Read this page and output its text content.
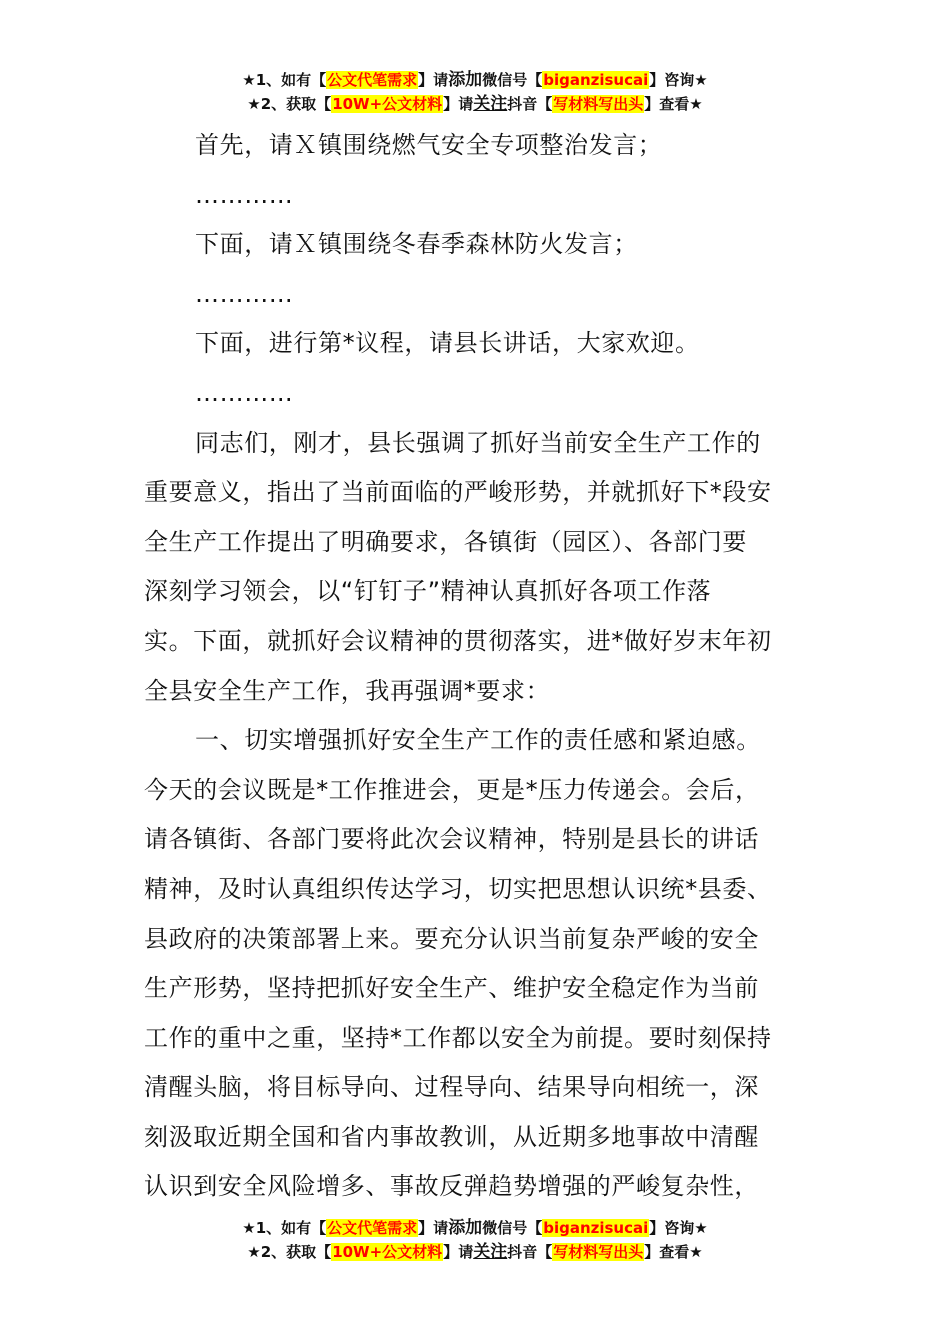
★1、如有【公文代笔需求】请添加微信号【biganzisucai】咨询★
★2、获取【10W+公文材料】请关注抖音【写材料写出头】查看★

首先，请Ｘ镇围绕燃气安全专项整治发言；

…………

下面，请Ｘ镇围绕冬春季森林防火发言；

…………

下面，进行第*议程，请县长讲话，大家欢迎。

…………

同志们，刚才，县长强调了抓好当前安全生产工作的

重要意义，指出了当前面临的严峻形势，并就抓好下*段安

全生产工作提出了明确要求，各镇街（园区）、各部门要

深刻学习领会，以“钉钉子”精神认真抓好各项工作落

实。下面，就抓好会议精神的贯彻落实，进*做好岁末年初

全县安全生产工作，我再强调*要求：

一、切实增强抓好安全生产工作的责任感和紧迫感。

今天的会议既是*工作推进会，更是*压力传递会。会后，

请各镇街、各部门要将此次会议精神，特别是县长的讲话

精神，及时认真组织传达学习，切实把思想认识统*县委、

县政府的决策部署上来。要充分认识当前复杂严峻的安全

生产形势，坚持把抓好安全生产、维护安全稳定作为当前

工作的重中之重，坚持*工作都以安全为前提。要时刻保持

清醒头脑，将目标导向、过程导向、结果导向相统一，深

刻汲取近期全国和省内事故教训，从近期多地事故中清醒

认识到安全风险增多、事故反弹趋势增强的严峻复杂性，

★1、如有【公文代笔需求】请添加微信号【biganzisucai】咨询★
★2、获取【10W+公文材料】请关注抖音【写材料写出头】查看★
